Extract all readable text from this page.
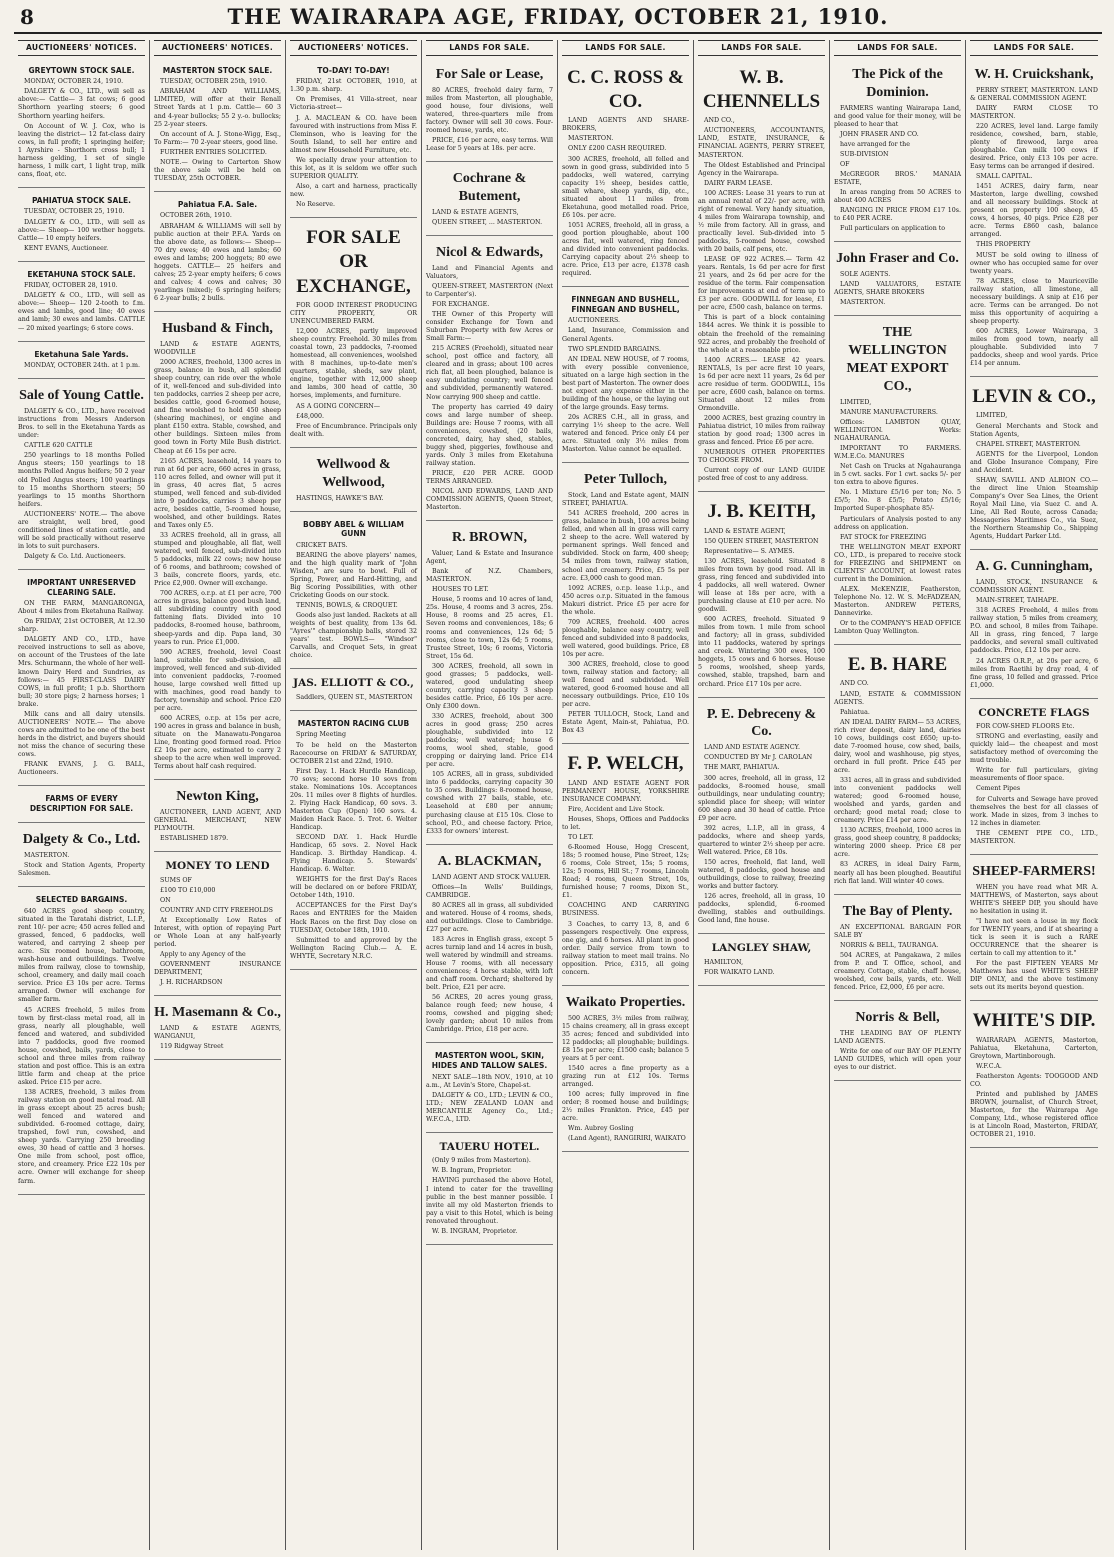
8	THE WAIRARAPA AGE, FRIDAY, OCTOBER 21, 1910.
AUCTIONEERS' NOTICES.
GREYTOWN STOCK SALE.

MONDAY, OCTOBER 24, 1910.

DALGETY & CO., LTD., will sell as above:— Cattle— 3 fat cows; 6 good Shorthorn yearling steers; 6 good Shorthorn yearling heifers.

On Account of W. J. Cox, who is leaving the district— 12 fat-class dairy cows, in full profit; 1 springing heifer; 1 Ayrshire - Shorthorn cross bull; 1 harness gelding, 1 set of single harness, 1 milk cart, 1 light trap, milk cans, float, etc.

PAHIATUA STOCK SALE.

TUESDAY, OCTOBER 25, 1910.

DALGETY & CO., LTD., will sell as above:— Sheep— 100 wether hoggets. Cattle— 10 empty heifers.

KENT EVANS, Auctioneer.

EKETAHUNA STOCK SALE.

FRIDAY, OCTOBER 28, 1910.

DALGETY & CO., LTD., will sell as above:— Sheep— 120 2-tooth to f.m. ewes and lambs, good line; 40 ewes and lamb; 30 ewes and lambs. CATTLE— 20 mixed yearlings; 6 store cows.

Eketahuna Sale Yards.

MONDAY, OCTOBER 24th. at 1 p.m.

Sale of Young Cattle.

DALGETY & CO., LTD., have received instructions from Messrs Anderson Bros. to sell in the Eketahuna Yards as under:

CATTLE 620 CATTLE

250 yearlings to 18 months Polled Angus steers; 150 yearlings to 18 months Polled Angus heifers; 50 2 year old Polled Angus steers; 100 yearlings to 15 months Shorthorn steers; 50 yearlings to 15 months Shorthorn heifers.

AUCTIONEERS' NOTE.— The above are straight, well bred, good conditioned lines of station cattle, and will be sold practically without reserve in lots to suit purchasers.

Dalgety & Co. Ltd. Auctioneers.

IMPORTANT UNRESERVED CLEARING SALE.

ON THE FARM, MANGARONGA, About 4 miles from Eketahuna Railway.

On FRIDAY, 21st OCTOBER, At 12.30 sharp.

DALGETY AND CO., LTD., have received instructions to sell as above, on account of the Trustees of the late Mrs. Schurmann, the whole of her well-known Dairy Herd and Sundries, as follows:— 45 FIRST-CLASS DAIRY COWS, in full profit; 1 p.b. Shorthorn bull; 30 store pigs; 2 harness horses; 1 brake.

Milk cans and all dairy utensils. AUCTIONEERS' NOTE.— The above cows are admitted to be one of the best herds in the district, and buyers should not miss the chance of securing these cows.

FRANK EVANS, J. G. BALL, Auctioneers.

FARMS OF EVERY DESCRIPTION FOR SALE.
Dalgety & Co., Ltd.

MASTERTON.

Stock and Station Agents, Property Salesmen.

SELECTED BARGAINS.

640 ACRES good sheep country, situated in the Taratahi district, L.I.P., rent 10/- per acre; 450 acres felled and grassed, fenced, 6 paddocks, well watered, and carrying 2 sheep per acre. Six roomed house, bathroom, wash-house and outbuildings. Twelve miles from railway, close to township, school, creamery, and daily mail coach service. Price £3 10s per acre. Terms arranged. Owner will exchange for smaller farm.

45 ACRES freehold, 5 miles from town by first-class metal road, all in grass, nearly all ploughable, well fenced and watered, and subdivided into 7 paddocks, good five roomed house, cowshed, bails, yards, close to school and three miles from railway station and post office. This is an extra little farm and cheap at the price asked. Price £15 per acre.

138 ACRES, freehold, 3 miles from railway station on good metal road. All in grass except about 25 acres bush; well fenced and watered and subdivided. 6-roomed cottage, dairy, trapshed, fowl run, cowshed, and sheep yards. Carrying 250 breeding ewes, 30 head of cattle and 3 horses. One mile from school, post office, store, and creamery. Price £22 10s per acre. Owner will exchange for sheep farm.

AUCTIONEERS' NOTICES.
MASTERTON STOCK SALE.

TUESDAY, OCTOBER 25th, 1910.

ABRAHAM AND WILLIAMS, LIMITED, will offer at their Renall Street Yards at 1 p.m. Cattle— 60 3 and 4-year bullocks; 55 2 y.-o. bullocks; 25 2-year steers.

On account of A. J. Stone-Wigg, Esq., To Farm:— 70 2-year steers, good line.

FURTHER ENTRIES SOLICITED.

NOTE.— Owing to Carterton Show the above sale will be held on TUESDAY, 25th OCTOBER.

Pahiatua F.A. Sale.

OCTOBER 26th, 1910.

ABRAHAM & WILLIAMS will sell by public auction at their P.F.A. Yards on the above date, as follows:— Sheep— 70 dry ewes; 40 ewes and lambs; 60 ewes and lambs; 200 hoggets; 80 ewe hoggets. CATTLE— 25 heifers and calves; 25 2-year empty heifers; 6 cows and calves; 4 cows and calves; 30 yearlings (mixed); 6 springing heifers; 6 2-year bulls; 2 bulls.

Husband & Finch,

LAND & ESTATE AGENTS, WOODVILLE

2000 ACRES, freehold, 1300 acres in grass, balance in bush, all splendid sheep country, can ride over the whole of it, well-fenced and sub-divided into ten paddocks, carries 2 sheep per acre, besides cattle, good 6-roomed house, and fine woolshed to hold 450 sheep (shearing machines), or engine and plant £150 extra. Stable, cowshed, and other buildings. Sixteen miles from good town in Forty Mile Bush district. Cheap at £6 15s per acre.

2165 ACRES, leasehold, 14 years to run at 6d per acre, 660 acres in grass, 110 acres felled, and owner will put it in grass, 40 acres flat, 5 acres stumped, well fenced and sub-divided into 9 paddocks, carries 3 sheep per acre, besides cattle, 5-roomed house, woolshed, and other buildings. Rates and Taxes only £5.

33 ACRES freehold, all in grass, all stumped and ploughable, all flat, well watered, well fenced, sub-divided into 5 paddocks, milk 22 cows; new house of 6 rooms, and bathroom; cowshed of 3 bails, concrete floors, yards, etc. Price £2,900. Owner will exchange.

700 ACRES, o.r.p. at £1 per acre, 700 acres in grass, balance good bush land, all subdividing country with good fattening flats. Divided into 10 paddocks, 8-roomed house, bathroom, sheep-yards and dip. Papa land, 30 years to run. Price £1,000.

590 ACRES, freehold, level Coast land, suitable for sub-division, all improved, well fenced and sub-divided into convenient paddocks, 7-roomed house, large cowshed well fitted up with machines, good road handy to factory, township and school. Price £20 per acre.

600 ACRES, o.r.p. at 15s per acre, 190 acres in grass and balance in bush, situate on the Manawatu-Pongaroa Line, fronting good formed road. Price £2 10s per acre, estimated to carry 2 sheep to the acre when well improved. Terms about half cash required.

Newton King,

AUCTIONEER, LAND AGENT, AND GENERAL MERCHANT, NEW PLYMOUTH.

ESTABLISHED 1879.

MONEY TO LEND

SUMS OF

£100 TO £10,000

ON

COUNTRY AND CITY FREEHOLDS

At Exceptionally Low Rates of Interest, with option of repaying Part or Whole Loan at any half-yearly period.

Apply to any Agency of the

GOVERNMENT INSURANCE DEPARTMENT,

J. H. RICHARDSON

H. Masemann & Co.,

LAND & ESTATE AGENTS, WANGANUI,

119 Ridgway Street

AUCTIONEERS' NOTICES.
TO-DAY! TO-DAY!

FRIDAY, 21st OCTOBER, 1910, at 1.30 p.m. sharp.

On Premises, 41 Villa-street, near Victoria-street—

J. A. MACLEAN & CO. have been favoured with instructions from Miss F. Cleminson, who is leaving for the South Island, to sell her entire and almost new Household Furniture, etc.

We specially draw your attention to this lot, as it is seldom we offer such SUPERIOR QUALITY.

Also, a cart and harness, practically new.

No Reserve.

FOR SALE OR EXCHANGE,

FOR GOOD INTEREST PRODUCING CITY PROPERTY, OR UNENCUMBERED FARM.

12,000 ACRES, partly improved sheep country. Freehold. 30 miles from coastal town, 23 paddocks, 7-roomed homestead, all conveniences, woolshed with 8 machines, up-to-date men's quarters, stable, sheds, saw plant, engine, together with 12,000 sheep and lambs, 300 head of cattle, 30 horses, implements, and furniture.

AS A GOING CONCERN—

£48,000.

Free of Encumbrance. Principals only dealt with.

Wellwood & Wellwood,

HASTINGS, HAWKE'S BAY.

BOBBY ABEL & WILLIAM GUNN

CRICKET BATS.

BEARING the above players' names, and the high quality mark of "John Wisden," are sure to bowl. Full of Spring, Power, and Hard-Hitting, and Big Scoring Possibilities, with other Cricketing Goods on our stock.

TENNIS, BOWLS, & CROQUET.

Goods also just landed. Rackets at all weights of best quality, from 13s 6d. "Ayres'" championship balls, stored 32 years' test. BOWLS— "Windsor" Carvalls, and Croquet Sets, in great choice.

JAS. ELLIOTT & CO.,

Saddlers, QUEEN ST., MASTERTON

MASTERTON RACING CLUB

Spring Meeting

To be held on the Masterton Racecourse on FRIDAY & SATURDAY, OCTOBER 21st and 22nd, 1910.

First Day. 1. Hack Hurdle Handicap, 70 sovs; second horse 10 sovs from stake. Nominations 10s. Acceptances 20s. 11 miles over 8 flights of hurdles. 2. Flying Hack Handicap, 60 sovs. 3. Masterton Cup (Open) 160 sovs. 4. Maiden Hack Race. 5. Trot. 6. Welter Handicap.

SECOND DAY. 1. Hack Hurdle Handicap, 65 sovs. 2. Novel Hack Handicap. 3. Birthday Handicap. 4. Flying Handicap. 5. Stewards' Handicap. 6. Welter.

WEIGHTS for the first Day's Races will be declared on or before FRIDAY, October 14th, 1910.

ACCEPTANCES for the First Day's Races and ENTRIES for the Maiden Hack Races on the first Day close on TUESDAY, October 18th, 1910.

Submitted to and approved by the Wellington Racing Club.— A. E. WHYTE, Secretary N.R.C.

LANDS FOR SALE.
For Sale or Lease,

80 ACRES, freehold dairy farm, 7 miles from Masterton, all ploughable, good house, four divisions, well watered, three-quarters mile from factory. Owner will sell 30 cows. Four-roomed house, yards, etc.

PRICE, £16 per acre, easy terms. Will Lease for 5 years at 18s. per acre.

Cochrane & Butement,

LAND & ESTATE AGENTS,

QUEEN STREET, ... MASTERTON.

Nicol & Edwards,

Land and Financial Agents and Valuators,

QUEEN-STREET, MASTERTON (Next to Carpenter's).

FOR EXCHANGE.

THE Owner of this Property will consider Exchange for Town and Suburban Property with few Acres or Small Farm:—

215 ACRES (Freehold), situated near school, post office and factory, all cleared and in grass; about 100 acres rich flat, all been ploughed, balance is easy undulating country; well fenced and subdivided, permanently watered. Now carrying 900 sheep and cattle.

The property has carried 49 dairy cows and large number of sheep. Buildings are: House 7 rooms, with all conveniences, cowshed, (20 bails, concreted, dairy, hay shed, stables, buggy shed, piggeries, fowlhouse and yards. Only 3 miles from Eketahuna railway station.

PRICE, £20 PER ACRE. GOOD TERMS ARRANGED.

NICOL AND EDWARDS, LAND AND COMMISSION AGENTS, Queen Street, Masterton.

R. BROWN,

Valuer, Land & Estate and Insurance Agent,

Bank of N.Z. Chambers, MASTERTON.

HOUSES TO LET.

House, 5 rooms and 10 acres of land, 25s. House, 4 rooms and 3 acres, 25s. House, 8 rooms and 25 acres, £1. Seven rooms and conveniences, 18s; 6 rooms and conveniences, 12s 6d; 5 rooms, close to town, 12s 6d; 5 rooms, Trustee Street, 10s; 6 rooms, Victoria Street, 15s 6d.

300 ACRES, freehold, all sown in good grasses; 5 paddocks, well-watered, good undulating sheep country, carrying capacity 3 sheep besides cattle. Price, £6 10s per acre. Only £300 down.

330 ACRES, freehold, about 300 acres in good grass; 250 acres ploughable, subdivided into 12 paddocks; well watered; house 6 rooms, wool shed, stable, good cropping or dairying land. Price £14 per acre.

105 ACRES, all in grass, subdivided into 6 paddocks, carrying capacity 30 to 35 cows. Buildings: 8-roomed house, cowshed with 27 bails, stable, etc. Leasehold at £80 per annum; purchasing clause at £15 10s. Close to school, P.O., and cheese factory. Price, £333 for owners' interest.

A. BLACKMAN,

LAND AGENT AND STOCK VALUER.

Offices—In Wells' Buildings, CAMBRIDGE.

80 ACRES all in grass, all subdivided and watered. House of 4 rooms, sheds, and outbuildings. Close to Cambridge. £27 per acre.

183 Acres in English grass, except 5 acres turnip land and 14 acres in bush, well watered by windmill and streams. House 7 rooms, with all necessary conveniences; 4 horse stable, with loft and chaff room. Orchard; sheltered by belt. Price, £21 per acre.

56 ACRES, 20 acres young grass, balance rough feed; new house, 4 rooms, cowshed and pigging shed; lovely garden; about 10 miles from Cambridge. Price, £18 per acre.

MASTERTON WOOL, SKIN, HIDES AND TALLOW SALES.

NEXT SALE—18th NOV., 1910, at 10 a.m., At Levin's Store, Chapel-st.

DALGETY & CO., LTD.; LEVIN & CO., LTD.; NEW ZEALAND LOAN and MERCANTILE Agency Co., Ltd.; W.F.C.A., LTD.

TAUERU HOTEL.

(Only 9 miles from Masterton).

W. B. Ingram, Proprietor.

HAVING purchased the above Hotel, I intend to cater for the travelling public in the best manner possible. I invite all my old Masterton friends to pay a visit to this Hotel, which is being renovated throughout.

W. B. INGRAM, Proprietor.

LANDS FOR SALE.
C. C. ROSS & CO.

LAND AGENTS AND SHARE-BROKERS,

MASTERTON.

ONLY £200 CASH REQUIRED.

300 ACRES, freehold, all felled and sown in good grass, subdivided into 5 paddocks, well watered, carrying capacity 1½ sheep, besides cattle, small whare, sheep yards, dip, etc., situated about 11 miles from Eketahuna, good metalled road. Price, £6 10s. per acre.

1051 ACRES, freehold, all in grass, a good portion ploughable, about 100 acres flat, well watered, ring fenced and divided into convenient paddocks. Carrying capacity about 2½ sheep to acre. Price, £13 per acre, £1378 cash required.

FINNEGAN AND BUSHELL, FINNEGAN AND BUSHELL,

AUCTIONEERS.

Land, Insurance, Commission and General Agents.

TWO SPLENDID BARGAINS.

AN IDEAL NEW HOUSE, of 7 rooms, with every possible convenience, situated on a large high section in the best part of Masterton. The owner does not expect any expense either in the building of the house, or the laying out of the large grounds. Easy terms.

20s ACRES C.H., all in grass, and carrying 1½ sheep to the acre. Well watered and fenced. Price only £4 per acre. Situated only 3½ miles from Masterton. Value cannot be equalled.

Peter Tulloch,

Stock, Land and Estate agent, MAIN STREET, PAHIATUA.

541 ACRES freehold, 200 acres in grass, balance in bush, 100 acres being felled, and when all in grass will carry 2 sheep to the acre. Well watered by permanent springs. Well fenced and subdivided. Stock on farm, 400 sheep; 54 miles from town, railway station, school and creamery. Price, £5 5s per acre. £3,000 cash to good man.

1092 ACRES, o.r.p. lease 1.i.p., and 450 acres o.r.p. Situated in the famous Makuri district. Price £5 per acre for the whole.

709 ACRES, freehold. 400 acres ploughable, balance easy country, well fenced and subdivided into 8 paddocks, well watered, good buildings. Price, £8 10s per acre.

300 ACRES, freehold, close to good town, railway station and factory; all well fenced and subdivided. Well watered, good 6-roomed house and all necessary outbuildings. Price, £10 10s per acre.

PETER TULLOCH, Stock, Land and Estate Agent, Main-st, Pahiatua, P.O. Box 43

F. P. WELCH,

LAND AND ESTATE AGENT FOR PERMANENT HOUSE, YORKSHIRE INSURANCE COMPANY.

Fire, Accident and Live Stock.

Houses, Shops, Offices and Paddocks to let.

TO LET.

6-Roomed House, Hogg Crescent, 18s; 5 roomed house, Pine Street, 12s; 6 rooms, Cole Street, 15s; 5 rooms, 12s; 5 rooms, Hill St.; 7 rooms, Lincoln Road; 4 rooms, Queen Street, 10s, furnished house; 7 rooms, Dixon St., £1.

COACHING AND CARRYING BUSINESS.

3 Coaches, to carry 13, 8, and 6 passengers respectively. One express, one gig, and 6 horses. All plant in good order. Daily service from town to railway station to meet mail trains. No opposition. Price, £315, all going concern.

Waikato Properties.

500 ACRES, 3½ miles from railway, 15 chains creamery, all in grass except 35 acres; fenced and subdivided into 12 paddocks; all ploughable; buildings. £8 15s per acre; £1500 cash; balance 5 years at 5 per cent.

1540 acres a fine property as a grazing run at £12 10s. Terms arranged.

100 acres; fully improved in fine order; 8 roomed house and buildings; 2½ miles Frankton. Price, £45 per acre.

Wm. Aubrey Gosling

(Land Agent), RANGIRIRI, WAIKATO

LANDS FOR SALE.
W. B. CHENNELLS

AND CO.,

AUCTIONEERS, ACCOUNTANTS, LAND, ESTATE, INSURANCE, & FINANCIAL AGENTS, PERRY STREET, MASTERTON.

The Oldest Established and Principal Agency in the Wairarapa.

DAIRY FARM LEASE.

100 ACRES: Lease 31 years to run at an annual rental of 22/- per acre, with right of renewal. Very handy situation, 4 miles from Wairarapa township, and ½ mile from factory. All in grass, and practically level. Sub-divided into 5 paddocks, 5-roomed house, cowshed with 20 bails, calf pens, etc.

LEASE OF 922 ACRES.— Term 42 years. Rentals, 1s 6d per acre for first 21 years, and 2s 6d per acre for the residue of the term. Fair compensation for improvements at end of term up to £3 per acre. GOODWILL for lease, £1 per acre, £500 cash, balance on terms.

This is part of a block containing 1844 acres. We think it is possible to obtain the freehold of the remaining 922 acres, and probably the freehold of the whole at a reasonable price.

1400 ACRES.— LEASE 42 years. RENTALS, 1s per acre first 10 years, 1s 6d per acre next 11 years, 2s 6d per acre residue of term. GOODWILL, 15s per acre, £600 cash, balance on terms. Situated about 12 miles from Ormondville.

2000 ACRES, best grazing country in Pahiatua district, 10 miles from railway station by good road; 1300 acres in grass and fenced. Price £6 per acre.

NUMEROUS OTHER PROPERTIES TO CHOOSE FROM.

Current copy of our LAND GUIDE posted free of cost to any address.

J. B. KEITH,

LAND & ESTATE AGENT,

150 QUEEN STREET, MASTERTON

Representative— S. AYMES.

130 ACRES, leasehold. Situated 8 miles from town by good road. All in grass, ring fenced and subdivided into 4 paddocks, all well watered. Owner will lease at 18s per acre, with a purchasing clause at £10 per acre. No goodwill.

600 ACRES, freehold. Situated 9 miles from town. 1 mile from school and factory; all in grass, subdivided into 11 paddocks, watered by springs and creek. Wintering 300 ewes, 100 hoggets, 15 cows and 6 horses. House 5 rooms, woolshed, sheep yards, cowshed, stable, trapshed, barn and orchard. Price £17 10s per acre.

P. E. Debreceny & Co.

LAND AND ESTATE AGENCY.

CONDUCTED BY Mr J. CAROLAN

THE MART, PAHIATUA.

300 acres, freehold, all in grass, 12 paddocks, 8-roomed house, small outbuildings, near undulating country; splendid place for sheep; will winter 600 sheep and 30 head of cattle. Price £9 per acre.

392 acres, L.I.P., all in grass, 4 paddocks, where and sheep yards, quartered to winter 2½ sheep per acre. Well watered. Price, £8 10s.

150 acres, freehold, flat land, well watered, 8 paddocks, good house and outbuildings, close to railway, freezing works and butter factory.

126 acres, freehold, all in grass, 10 paddocks, splendid, 6-roomed dwelling, stables and outbuildings. Good land, fine house.

LANGLEY SHAW,

HAMILTON,

FOR WAIKATO LAND.

LANDS FOR SALE.
The Pick of the Dominion.

FARMERS wanting Wairarapa Land, and good value for their money, will be pleased to hear that

JOHN FRASER AND CO.

have arranged for the

SUB-DIVISION

OF

McGREGOR BROS.' MANAIA ESTATE,

In areas ranging from 50 ACRES to about 400 ACRES

RANGING IN PRICE FROM £17 10s. to £40 PER ACRE.

Full particulars on application to

John Fraser and Co.

SOLE AGENTS.

LAND VALUATORS, ESTATE AGENTS, SHARE BROKERS

MASTERTON.

THE WELLINGTON MEAT EXPORT CO.,

LIMITED,

MANURE MANUFACTURERS.

Offices: LAMBTON QUAY, WELLINGTON. Works: NGAHAURANGA.

IMPORTANT TO FARMERS. W.M.E.Co. MANURES

Net Cash on Trucks at Ngahauranga in 5 cwt. sacks. For 1 cwt. sacks 5/- per ton extra to above figures.

No. 1 Mixture £5/16 per ton; No. 5 £5/5; No. 8 £5/5; Potato £5/16; Imported Super-phosphate 85/-

Particulars of Analysis posted to any address on application.

FAT STOCK for FREEZING

THE WELLINGTON MEAT EXPORT CO., LTD., is prepared to receive stock for FREEZING and SHIPMENT on CLIENTS' ACCOUNT, at lowest rates current in the Dominion.

ALEX. McKENZIE, Featherston, Telephone No. 12. W. S. McFADZEAN, Masterton. ANDREW PETERS, Dannevirke.

Or to the COMPANY'S HEAD OFFICE Lambton Quay Wellington.

E. B. HARE

AND CO.

LAND, ESTATE & COMMISSION AGENTS.

Pahiatua.

AN IDEAL DAIRY FARM— 53 ACRES, rich river deposit, dairy land, dairies 10 cows, buildings cost £650; up-to-date 7-roomed house, cow shed, bails, dairy, wool and washhouse, pig styes, orchard in full profit. Price £45 per acre.

331 acres, all in grass and subdivided into convenient paddocks well watered; good 6-roomed house, woolshed and yards, garden and orchard; good metal road; close to creamery. Price £14 per acre.

1130 ACRES, freehold, 1000 acres in grass, good sheep country, 8 paddocks; wintering 2000 sheep. Price £8 per acre.

83 ACRES, in ideal Dairy Farm, nearly all has been ploughed. Beautiful rich flat land. Will winter 40 cows.

The Bay of Plenty.

AN EXCEPTIONAL BARGAIN FOR SALE BY

NORRIS & BELL, TAURANGA.

504 ACRES, at Pangakawa, 2 miles from P. and T. Office, school, and creamery. Cottage, stable, chaff house, woolshed, cow bails, yards, etc. Well fenced. Price, £2,000, £6 per acre.

Norris & Bell,

THE LEADING BAY OF PLENTY LAND AGENTS.

Write for one of our BAY OF PLENTY LAND GUIDES, which will open your eyes to our district.

LANDS FOR SALE.
W. H. Cruickshank,

PERRY STREET, MASTERTON. LAND & GENERAL COMMISSION AGENT.

DAIRY FARM CLOSE TO MASTERTON.

220 ACRES, level land. Large family residence, cowshed, barn, stable, plenty of firewood, large area ploughable. Can milk 100 cows if desired. Price, only £13 10s per acre. Easy terms can be arranged if desired.

SMALL CAPITAL.

1451 ACRES, dairy farm, near Masterton, large dwelling, cowshed and all necessary buildings. Stock at present on property 100 sheep, 45 cows, 4 horses, 40 pigs. Price £28 per acre. Terms £860 cash, balance arranged.

THIS PROPERTY

MUST be sold owing to illness of owner who has occupied same for over twenty years.

78 ACRES, close to Mauriceville railway station, all limestone, all necessary buildings. A snip at £16 per acre. Terms can be arranged. Do not miss this opportunity of acquiring a sheep property.

600 ACRES, Lower Wairarapa, 3 miles from good town, nearly all ploughable. Subdivided into 7 paddocks, sheep and wool yards. Price £14 per annum.

LEVIN & CO.,

LIMITED,

General Merchants and Stock and Station Agents,

CHAPEL STREET, MASTERTON.

AGENTS for the Liverpool, London and Globe Insurance Company, Fire and Accident.

SHAW, SAVILL AND ALBION CO.— the direct line Union Steamship Company's Over Sea Lines, the Orient Royal Mail Line, via Suez C. and A. Line, All Red Route, across Canada; Messageries Maritimes Co., via Suez, the Northern Steamship Co., Shipping Agents, Huddart Parker Ltd.

A. G. Cunningham,

LAND, STOCK, INSURANCE & COMMISSION AGENT.

MAIN-STREET, TAIHAPE.

318 ACRES Freehold, 4 miles from railway station, 5 miles from creamery, P.O. and school, 8 miles from Taihape. All in grass, ring fenced, 7 large paddocks, and several small cultivated paddocks. Price, £12 10s per acre.

24 ACRES O.R.P., at 20s per acre, 6 miles from Raetihi by dray road, 4 of fine grass, 10 felled and grassed. Price £1,000.

CONCRETE FLAGS

FOR COW-SHED FLOORS Etc.

STRONG and everlasting, easily and quickly laid— the cheapest and most satisfactory method of overcoming the mud trouble.

Write for full particulars, giving measurements of floor space.

Cement Pipes

for Culverts and Sewage have proved themselves the best for all classes of work. Made in sizes, from 3 inches to 12 inches in diameter.

THE CEMENT PIPE CO., LTD., MASTERTON.

SHEEP-FARMERS!

WHEN you have read what MR A. MATTHEWS, of Masterton, says about WHITE'S SHEEP DIP, you should have no hesitation in using it.

"I have not seen a louse in my flock for TWENTY years, and if at shearing a tick is seen it is such a RARE OCCURRENCE that the shearer is certain to call my attention to it."

For the past FIFTEEN YEARS Mr Matthews has used WHITE'S SHEEP DIP ONLY, and the above testimony sets out its merits beyond question.

WHITE'S DIP.

WAIRARAPA AGENTS, Masterton, Pahiatua, Eketahuna, Carterton, Greytown, Martinborough.

W.F.C.A.

Featherston Agents: TOOGOOD AND CO.

Printed and published by JAMES BROWN, journalist, of Church Street, Masterton, for the Wairarapa Age Company, Ltd., whose registered office is at Lincoln Road, Masterton, FRIDAY, OCTOBER 21, 1910.
